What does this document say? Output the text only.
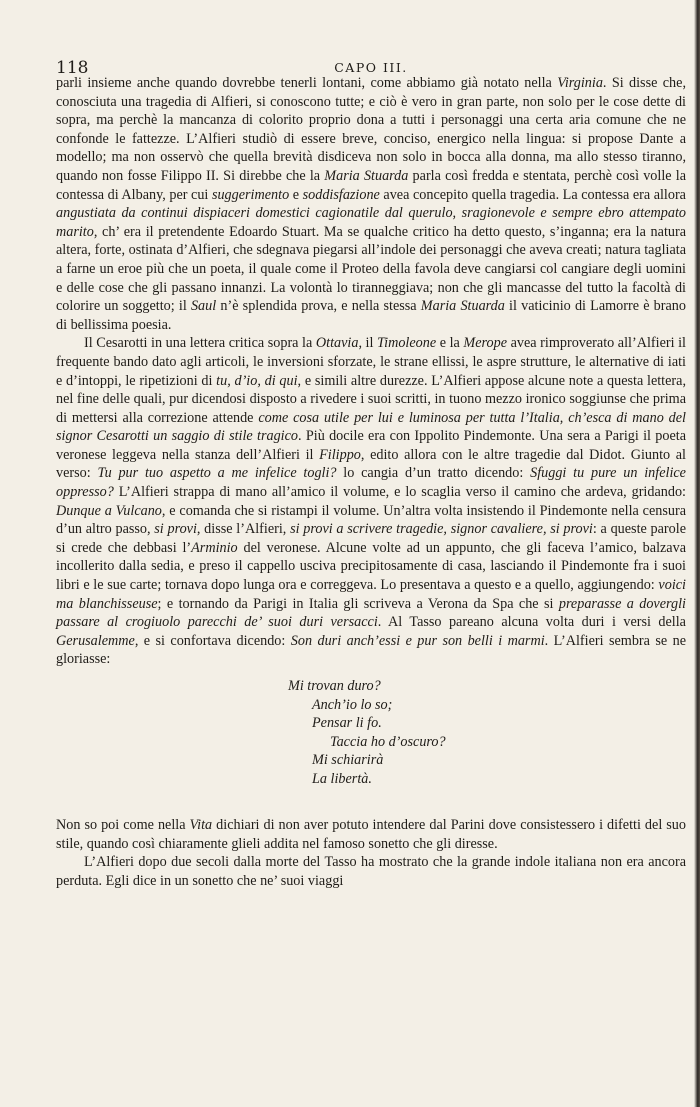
118	CAPO III.

parli insieme anche quando dovrebbe tenerli lontani, come abbiamo già notato nella Virginia. Si disse che, conosciuta una tragedia di Alfieri, si conoscono tutte; e ciò è vero in gran parte, non solo per le cose dette di sopra, ma perchè la mancanza di colorito proprio dona a tutti i personaggi una certa aria comune che ne confonde le fattezze. L’Alfieri studiò di essere breve, conciso, energico nella lingua: si propose Dante a modello; ma non osservò che quella brevità disdiceva non solo in bocca alla donna, ma allo stesso tiranno, quando non fosse Filippo II. Si direbbe che la Maria Stuarda parla così fredda e stentata, perchè così volle la contessa di Albany, per cui suggerimento e soddisfazione avea concepito quella tragedia. La contessa era allora angustiata da continui dispiaceri domestici cagionatile dal querulo, sragionevole e sempre ebro attempato marito, ch’ era il pretendente Edoardo Stuart. Ma se qualche critico ha detto questo, s’inganna; era la natura altera, forte, ostinata d’Alfieri, che sdegnava piegarsi all’indole dei personaggi che aveva creati; natura tagliata a farne un eroe più che un poeta, il quale come il Proteo della favola deve cangiarsi col cangiare degli uomini e delle cose che gli passano innanzi. La volontà lo tiranneggiava; non che gli mancasse del tutto la facoltà di colorire un soggetto; il Saul n’è splendida prova, e nella stessa Maria Stuarda il vaticinio di Lamorre è brano di bellissima poesia.

Il Cesarotti in una lettera critica sopra la Ottavia, il Timoleone e la Merope avea rimproverato all’Alfieri il frequente bando dato agli articoli, le inversioni sforzate, le strane ellissi, le aspre strutture, le alternative di iati e d’intoppi, le ripetizioni di tu, d’io, di qui, e simili altre durezze. L’Alfieri appose alcune note a questa lettera, nel fine delle quali, pur dicendosi disposto a rivedere i suoi scritti, in tuono mezzo ironico soggiunse che prima di mettersi alla correzione attende come cosa utile per lui e luminosa per tutta l’Italia, ch’esca di mano del signor Cesarotti un saggio di stile tragico. Più docile era con Ippolito Pindemonte. Una sera a Parigi il poeta veronese leggeva nella stanza dell’Alfieri il Filippo, edito allora con le altre tragedie dal Didot. Giunto al verso: Tu pur tuo aspetto a me infelice togli? lo cangia d’un tratto dicendo: Sfuggi tu pure un infelice oppresso? L’Alfieri strappa di mano all’amico il volume, e lo scaglia verso il camino che ardeva, gridando: Dunque a Vulcano, e comanda che si ristampi il volume. Un’altra volta insistendo il Pindemonte nella censura d’un altro passo, si provi, disse l’Alfieri, si provi a scrivere tragedie, signor cavaliere, si provi: a queste parole si crede che debbasi l’Arminio del veronese. Alcune volte ad un appunto, che gli faceva l’amico, balzava incollerito dalla sedia, e preso il cappello usciva precipitosamente di casa, lasciando il Pindemonte fra i suoi libri e le sue carte; tornava dopo lunga ora e correggeva. Lo presentava a questo e a quello, aggiungendo: voici ma blanchisseuse; e tornando da Parigi in Italia gli scriveva a Verona da Spa che si preparasse a dovergli passare al crogiuolo parecchi de’ suoi duri versacci. Al Tasso pareano alcuna volta duri i versi della Gerusalemme, e si confortava dicendo: Son duri anch’essi e pur son belli i marmi. L’Alfieri sembra se ne gloriasse:

Mi trovan duro?
Anch’io lo so;
Pensar li fo.
Taccia ho d’oscuro?
Mi schiarirà
La libertà.

Non so poi come nella Vita dichiari di non aver potuto intendere dal Parini dove consistessero i difetti del suo stile, quando così chiaramente glieli addita nel famoso sonetto che gli diresse.

L’Alfieri dopo due secoli dalla morte del Tasso ha mostrato che la grande indole italiana non era ancora perduta. Egli dice in un sonetto che ne’ suoi viaggi
